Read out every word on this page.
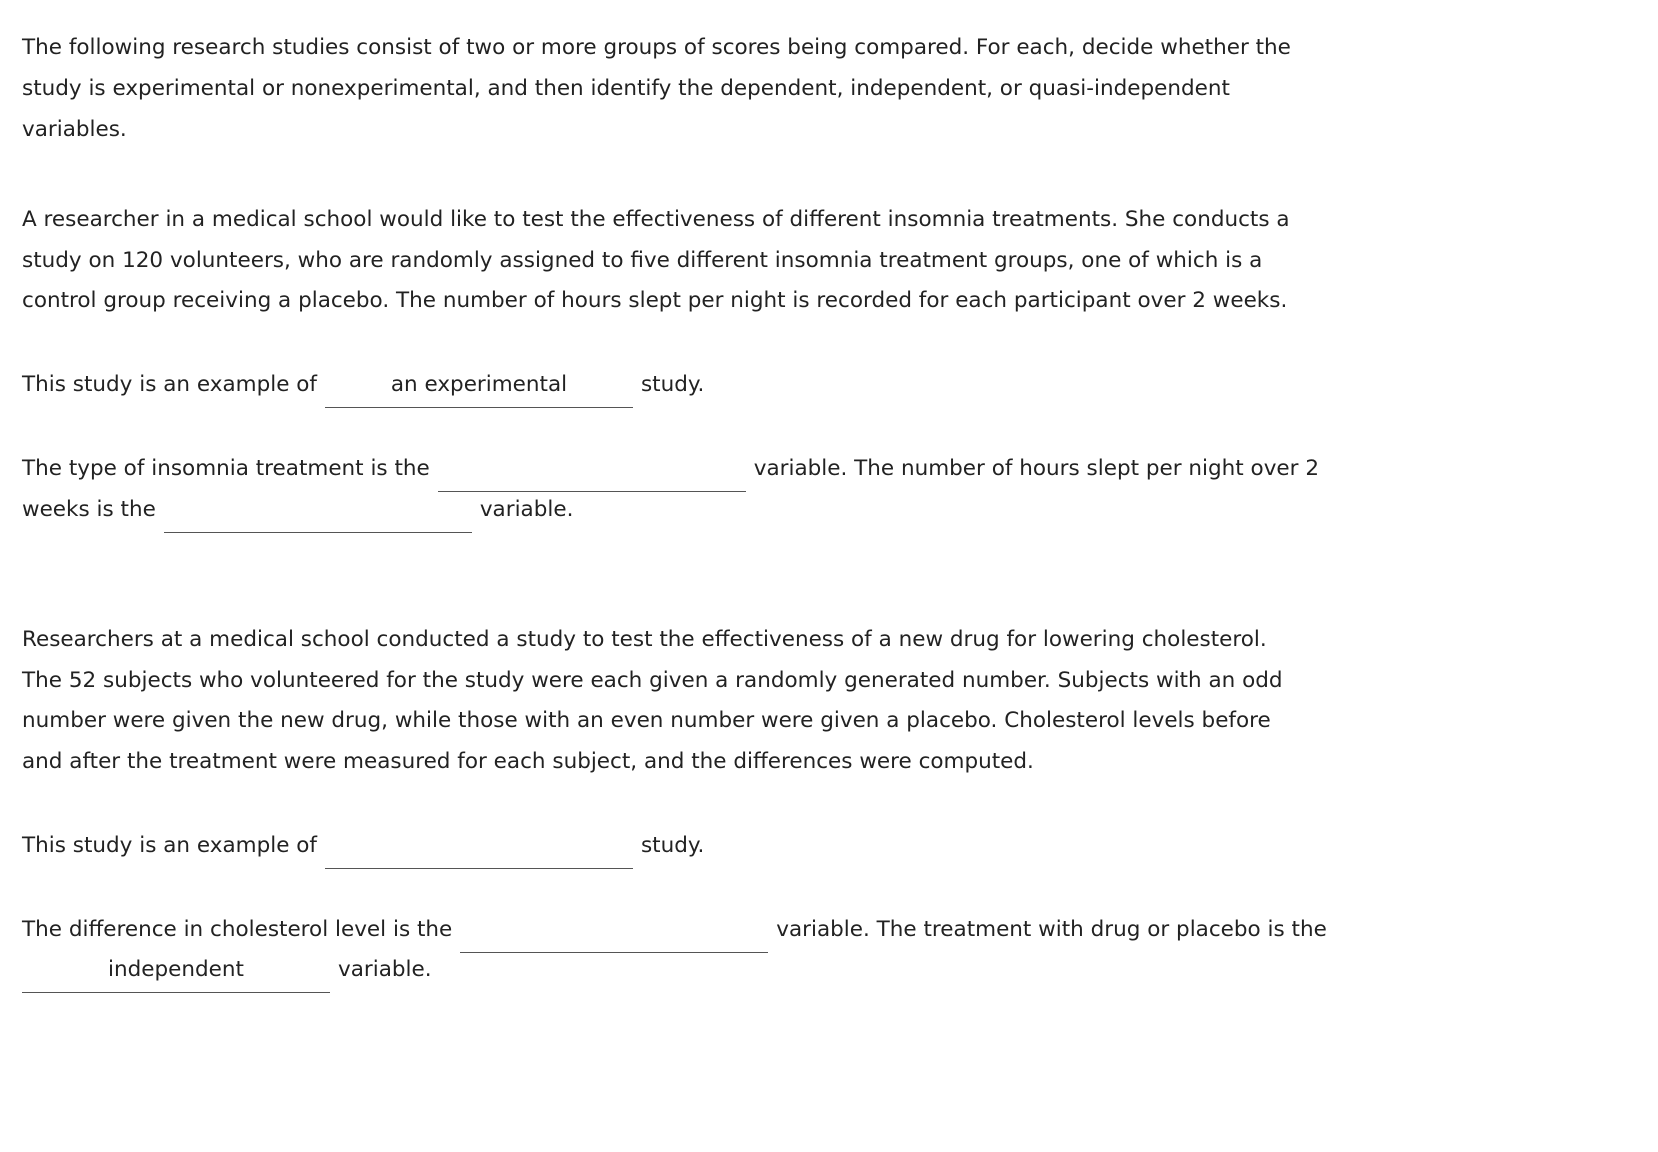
The following research studies consist of two or more groups of scores being compared. For each, decide whether the
study is experimental or nonexperimental, and then identify the dependent, independent, or quasi-independent
variables.
A researcher in a medical school would like to test the effectiveness of different insomnia treatments. She conducts a
study on 120 volunteers, who are randomly assigned to five different insomnia treatment groups, one of which is a
control group receiving a placebo. The number of hours slept per night is recorded for each participant over 2 weeks.
This study is an example of	an experimental	study.
The type of insomnia treatment is the	variable. The number of hours slept per night over 2
weeks is the	variable.
Researchers at a medical school conducted a study to test the effectiveness of a new drug for lowering cholesterol.
The 52 subjects who volunteered for the study were each given a randomly generated number. Subjects with an odd
number were given the new drug, while those with an even number were given a placebo. Cholesterol levels before
and after the treatment were measured for each subject, and the differences were computed.
This study is an example of	study.
The difference in cholesterol level is the	variable. The treatment with drug or placebo is the
independent	variable.
